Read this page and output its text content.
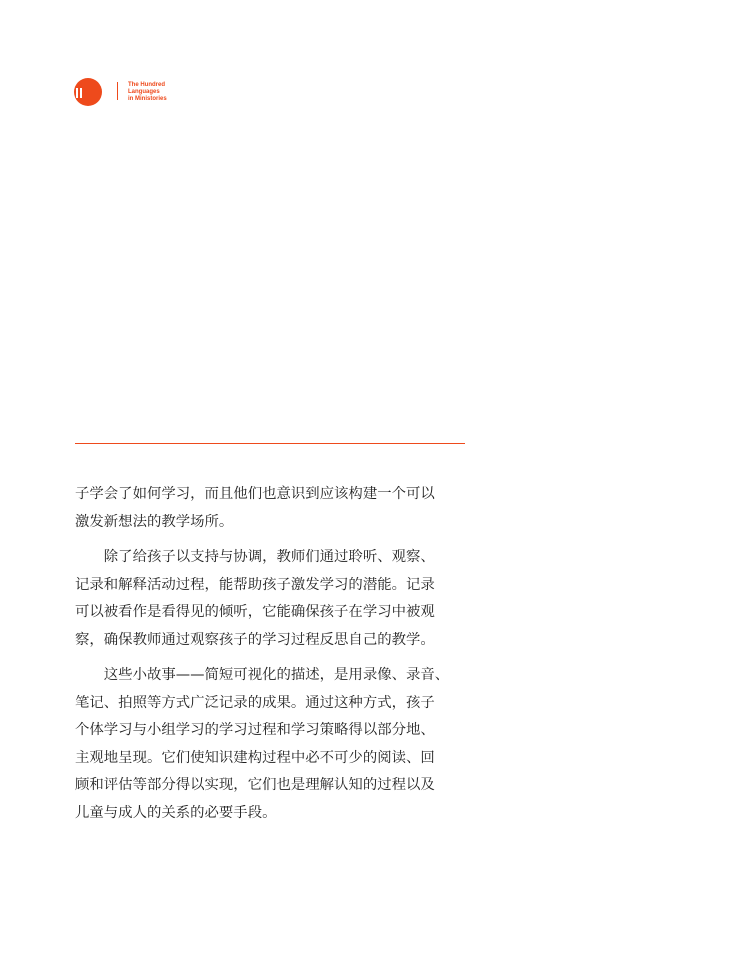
The Hundred
Languages
in Ministories
子学会了如何学习，而且他们也意识到应该构建一个可以
激发新想法的教学场所。
　　除了给孩子以支持与协调，教师们通过聆听、观察、
记录和解释活动过程，能帮助孩子激发学习的潜能。记录
可以被看作是看得见的倾听，它能确保孩子在学习中被观
察，确保教师通过观察孩子的学习过程反思自己的教学。
　　这些小故事——简短可视化的描述，是用录像、录音、
笔记、拍照等方式广泛记录的成果。通过这种方式，孩子
个体学习与小组学习的学习过程和学习策略得以部分地、
主观地呈现。它们使知识建构过程中必不可少的阅读、回
顾和评估等部分得以实现，它们也是理解认知的过程以及
儿童与成人的关系的必要手段。
